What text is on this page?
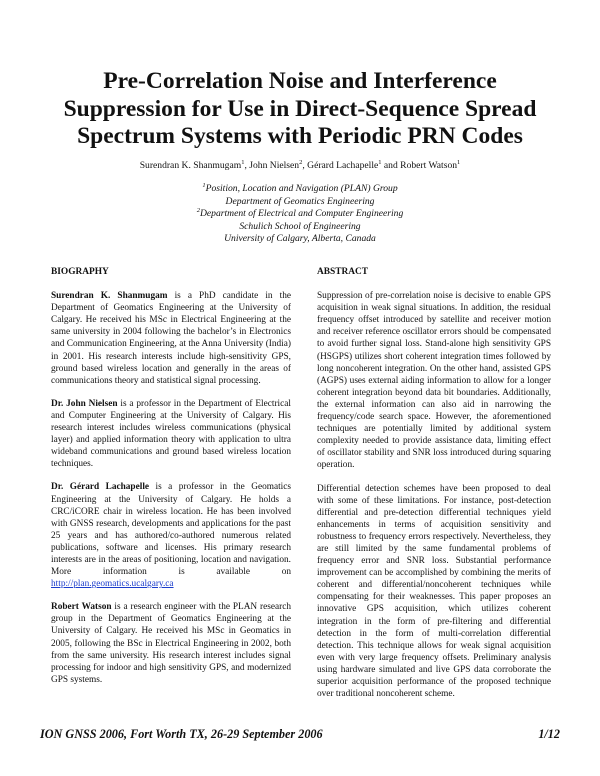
Pre-Correlation Noise and Interference
Suppression for Use in Direct-Sequence Spread
Spectrum Systems with Periodic PRN Codes
Surendran K. Shanmugam$^1$, John Nielsen$^2$, Gérard Lachapelle$^1$ and Robert Watson$^1$
$^1$Position, Location and Navigation (PLAN) Group
Department of Geomatics Engineering
$^2$Department of Electrical and Computer Engineering
Schulich School of Engineering
University of Calgary, Alberta, Canada
BIOGRAPHY

Surendran K. Shanmugam is a PhD candidate in the Department of Geomatics Engineering at the University of Calgary. He received his MSc in Electrical Engineering at the same university in 2004 following the bachelor’s in Electronics and Communication Engineering, at the Anna University (India) in 2001. His research interests include high-sensitivity GPS, ground based wireless location and generally in the areas of communications theory and statistical signal processing.

Dr. John Nielsen is a professor in the Department of Electrical and Computer Engineering at the University of Calgary. His research interest includes wireless communications (physical layer) and applied information theory with application to ultra wideband communications and ground based wireless location techniques.

Dr. Gérard Lachapelle is a professor in the Geomatics Engineering at the University of Calgary. He holds a CRC/iCORE chair in wireless location. He has been involved with GNSS research, developments and applications for the past 25 years and has authored/co-authored numerous related publications, software and licenses. His primary research interests are in the areas of positioning, location and navigation. More information is available on http://plan.geomatics.ucalgary.ca

Robert Watson is a research engineer with the PLAN research group in the Department of Geomatics Engineering at the University of Calgary. He received his MSc in Geomatics in 2005, following the BSc in Electrical Engineering in 2002, both from the same university. His research interest includes signal processing for indoor and high sensitivity GPS, and modernized GPS systems.

ABSTRACT

Suppression of pre-correlation noise is decisive to enable GPS acquisition in weak signal situations. In addition, the residual frequency offset introduced by satellite and receiver motion and receiver reference oscillator errors should be compensated to avoid further signal loss. Stand-alone high sensitivity GPS (HSGPS) utilizes short coherent integration times followed by long noncoherent integration. On the other hand, assisted GPS (AGPS) uses external aiding information to allow for a longer coherent integration beyond data bit boundaries. Additionally, the external information can also aid in narrowing the frequency/code search space. However, the aforementioned techniques are potentially limited by additional system complexity needed to provide assistance data, limiting effect of oscillator stability and SNR loss introduced during squaring operation.

Differential detection schemes have been proposed to deal with some of these limitations. For instance, post-detection differential and pre-detection differential techniques yield enhancements in terms of acquisition sensitivity and robustness to frequency errors respectively. Nevertheless, they are still limited by the same fundamental problems of frequency error and SNR loss. Substantial performance improvement can be accomplished by combining the merits of coherent and differential/noncoherent techniques while compensating for their weaknesses. This paper proposes an innovative GPS acquisition, which utilizes coherent integration in the form of pre-filtering and differential detection in the form of multi-correlation differential detection. This technique allows for weak signal acquisition even with very large frequency offsets. Preliminary analysis using hardware simulated and live GPS data corroborate the superior acquisition performance of the proposed technique over traditional noncoherent scheme.

ION GNSS 2006, Fort Worth TX, 26-29 September 2006	1/12
